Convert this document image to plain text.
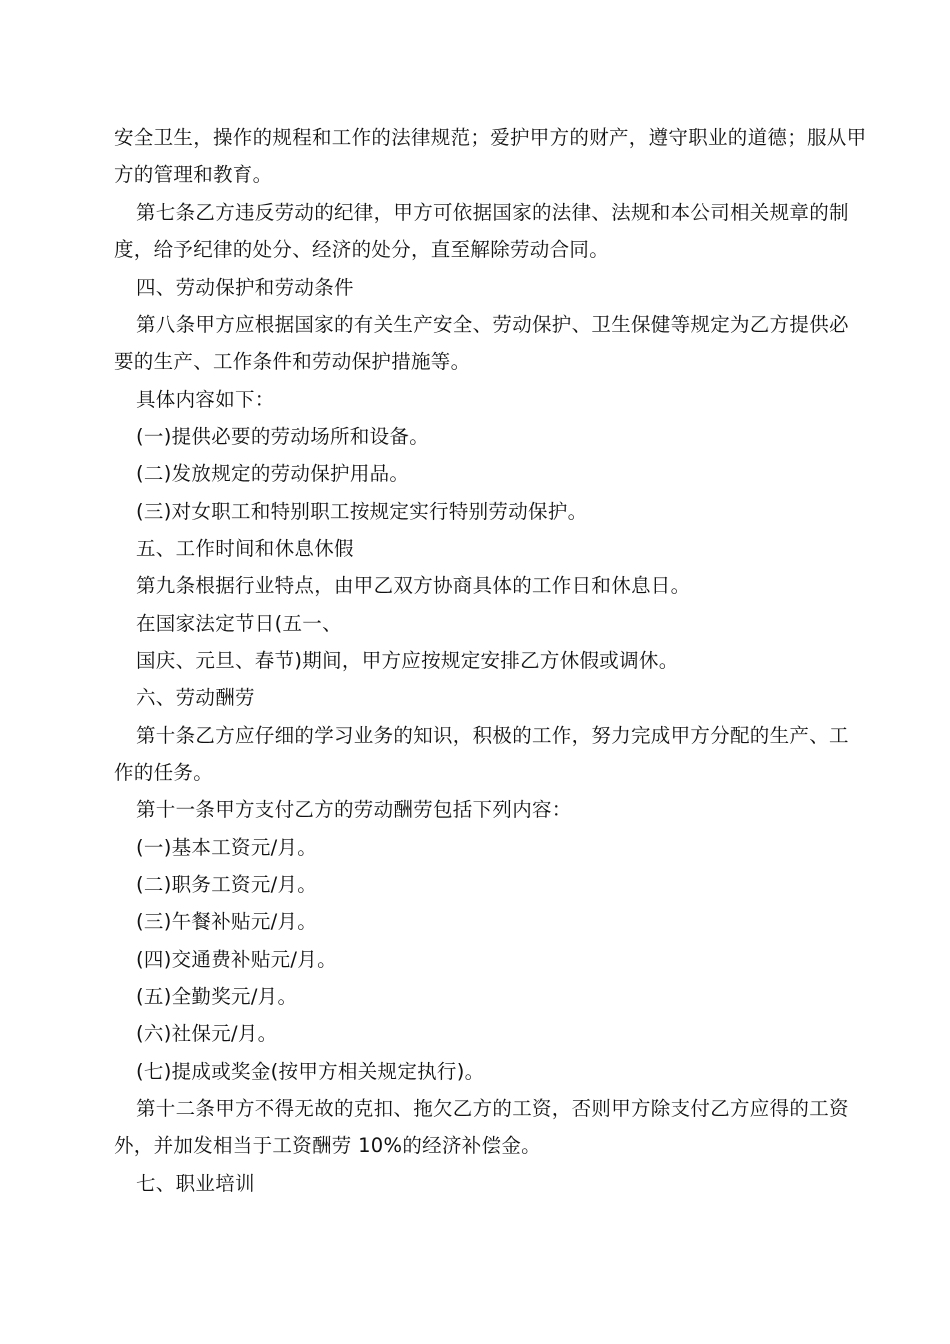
安全卫生，操作的规程和工作的法律规范；爱护甲方的财产，遵守职业的道德；服从甲
方的管理和教育。
第七条乙方违反劳动的纪律，甲方可依据国家的法律、法规和本公司相关规章的制
度，给予纪律的处分、经济的处分，直至解除劳动合同。
四、劳动保护和劳动条件
第八条甲方应根据国家的有关生产安全、劳动保护、卫生保健等规定为乙方提供必
要的生产、工作条件和劳动保护措施等。
具体内容如下：
(一)提供必要的劳动场所和设备。
(二)发放规定的劳动保护用品。
(三)对女职工和特别职工按规定实行特别劳动保护。
五、工作时间和休息休假
第九条根据行业特点，由甲乙双方协商具体的工作日和休息日。
在国家法定节日(五一、
国庆、元旦、春节)期间，甲方应按规定安排乙方休假或调休。
六、劳动酬劳
第十条乙方应仔细的学习业务的知识，积极的工作，努力完成甲方分配的生产、工
作的任务。
第十一条甲方支付乙方的劳动酬劳包括下列内容：
(一)基本工资元/月。
(二)职务工资元/月。
(三)午餐补贴元/月。
(四)交通费补贴元/月。
(五)全勤奖元/月。
(六)社保元/月。
(七)提成或奖金(按甲方相关规定执行)。
第十二条甲方不得无故的克扣、拖欠乙方的工资，否则甲方除支付乙方应得的工资
外，并加发相当于工资酬劳 10%的经济补偿金。
七、职业培训
